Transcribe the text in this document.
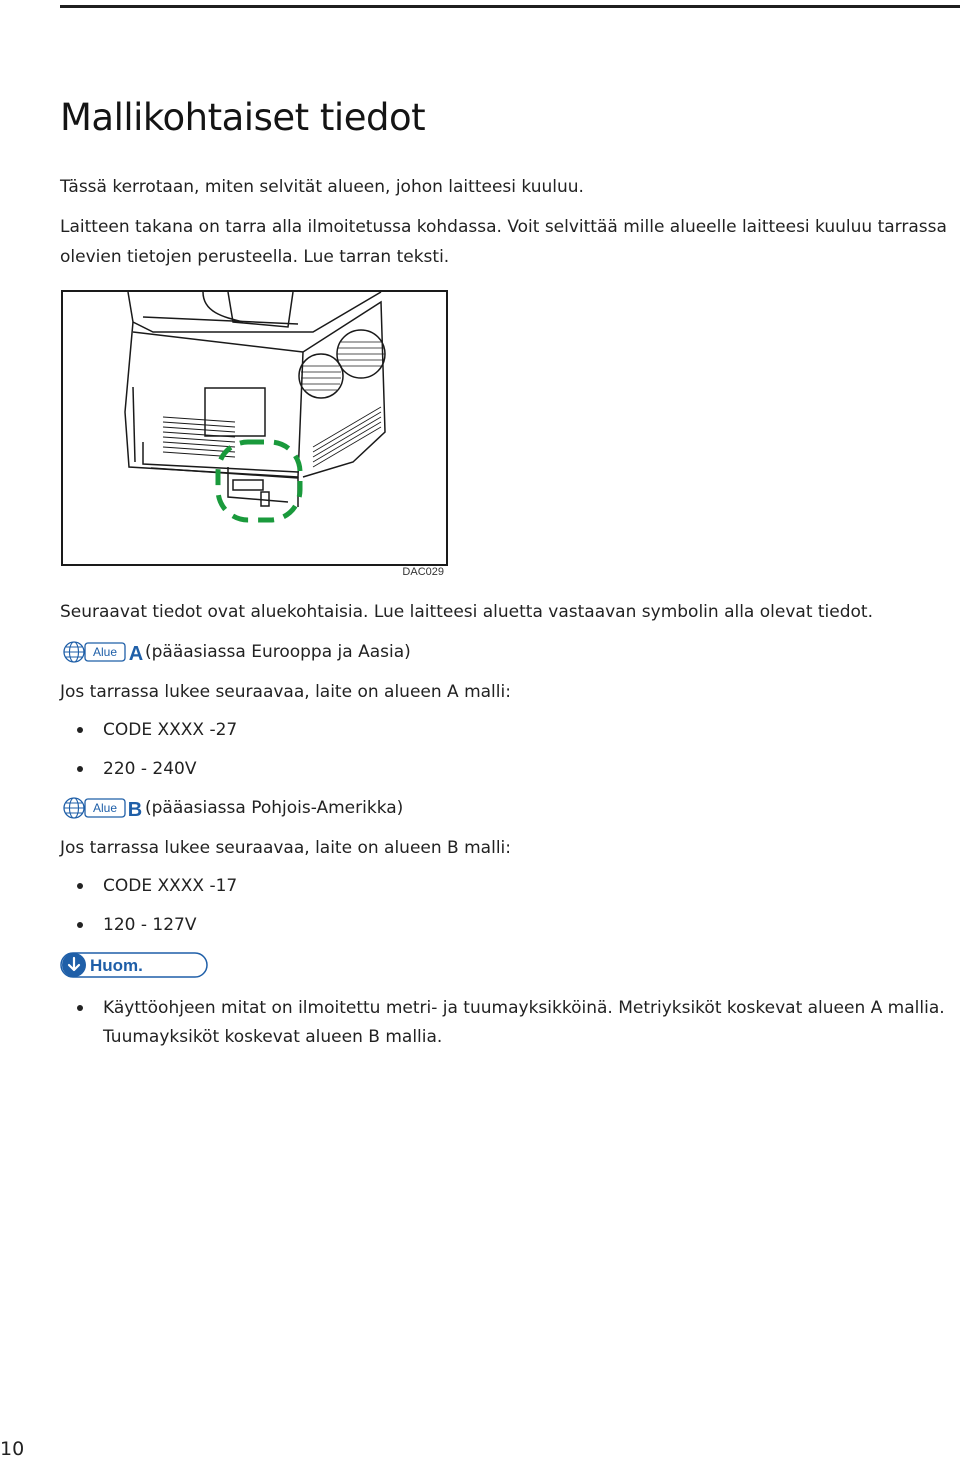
Mallikohtaiset tiedot

Tässä kerrotaan, miten selvität alueen, johon laitteesi kuuluu.

Laitteen takana on tarra alla ilmoitetussa kohdassa. Voit selvittää mille alueelle laitteesi kuuluu tarrassa

olevien tietojen perusteella. Lue tarran teksti.

DAC029

Seuraavat tiedot ovat aluekohtaisia. Lue laitteesi aluetta vastaavan symbolin alla olevat tiedot.

Alue A (pääasiassa Eurooppa ja Aasia)

Jos tarrassa lukee seuraavaa, laite on alueen A malli:

CODE XXXX -27
220 - 240V
Alue B (pääasiassa Pohjois-Amerikka)

Jos tarrassa lukee seuraavaa, laite on alueen B malli:

CODE XXXX -17
120 - 127V
Huom.
Käyttöohjeen mitat on ilmoitettu metri- ja tuumayksikköinä. Metriyksiköt koskevat alueen A mallia.
Tuumayksiköt koskevat alueen B mallia.
10
